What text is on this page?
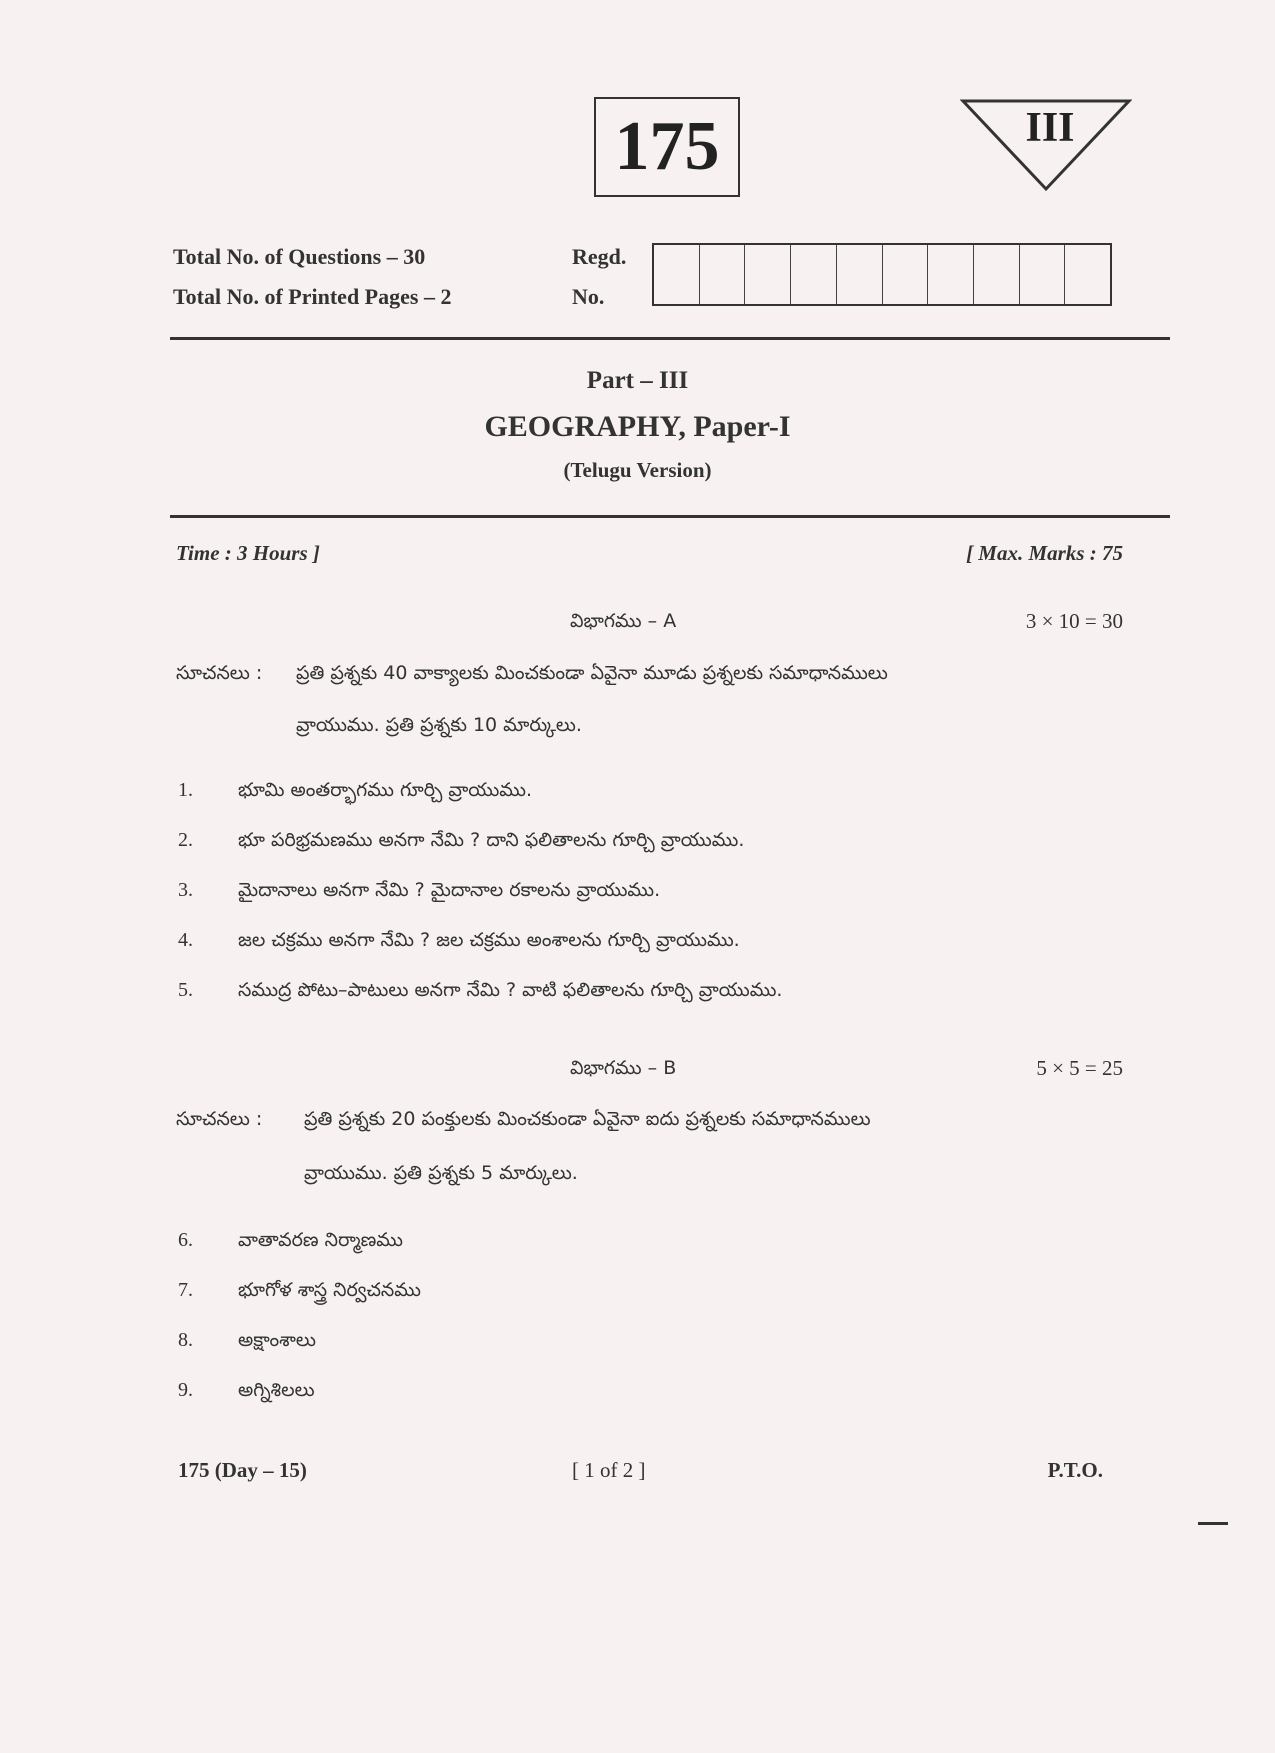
175	III
Total No. of Questions – 30
Total No. of Printed Pages – 2
Regd.
No.
Part – III
GEOGRAPHY, Paper-I
(Telugu Version)
Time : 3 Hours ]	[ Max. Marks : 75
విభాగము – A	3 × 10 = 30
సూచనలు : ప్రతి ప్రశ్నకు 40 వాక్యాలకు మించకుండా ఏవైనా మూడు ప్రశ్నలకు సమాధానములు
వ్రాయుము. ప్రతి ప్రశ్నకు 10 మార్కులు.
1.	భూమి అంతర్భాగము గూర్చి వ్రాయుము.
2.	భూ పరిభ్రమణము అనగా నేమి ? దాని ఫలితాలను గూర్చి వ్రాయుము.
3.	మైదానాలు అనగా నేమి ? మైదానాల రకాలను వ్రాయుము.
4.	జల చక్రము అనగా నేమి ? జల చక్రము అంశాలను గూర్చి వ్రాయుము.
5.	సముద్ర పోటు–పాటులు అనగా నేమి ? వాటి ఫలితాలను గూర్చి వ్రాయుము.
విభాగము – B	5 × 5 = 25
సూచనలు : ప్రతి ప్రశ్నకు 20 పంక్తులకు మించకుండా ఏవైనా ఐదు ప్రశ్నలకు సమాధానములు
వ్రాయుము. ప్రతి ప్రశ్నకు 5 మార్కులు.
6.	వాతావరణ నిర్మాణము
7.	భూగోళ శాస్త్ర నిర్వచనము
8.	అక్షాంశాలు
9.	అగ్నిశిలలు
175 (Day – 15)	[ 1 of 2 ]	P.T.O.
